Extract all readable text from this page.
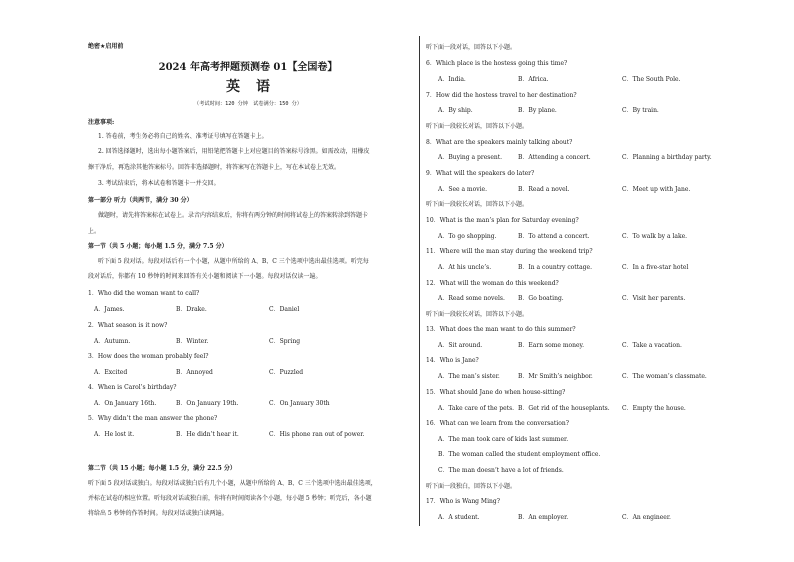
绝密★启用前
2024 年高考押题预测卷 01【全国卷】
英语
（考试时间：120 分钟　试卷满分：150 分）
注意事项:
1. 答卷前，考生务必将自己的姓名、准考证号填写在答题卡上。
2. 回答选择题时，选出每小题答案后，用铅笔把答题卡上对应题目的答案标号涂黑。如需改动，用橡皮
擦干净后，再选涂其他答案标号。回答非选择题时，将答案写在答题卡上，写在本试卷上无效。
3. 考试结束后，将本试卷和答题卡一并交回。
第一部分 听力（共两节，满分 30 分）
做题时，请先将答案标在试卷上。录音内容结束后，你将有两分钟的时间将试卷上的答案转涂到答题卡
上。
第一节（共 5 小题；每小题 1.5 分，满分 7.5 分）
听下面 5 段对话。每段对话后有一个小题，从题中所给的 A、B、C 三个选项中选出最佳选项。听完每
段对话后，你都有 10 秒钟的时间来回答有关小题和阅读下一小题。每段对话仅读一遍。
1．Who did the woman want to call?
A．James.	B．Drake.	C．Daniel
2．What season is it now?
A．Autumn.	B．Winter.	C．Spring
3．How does the woman probably feel?
A．Excited	B．Annoyed	C．Puzzled
4．When is Carol’s birthday?
A．On January 16th.	B．On January 19th.	C．On January 30th
5．Why didn’t the man answer the phone?
A．He lost it.	B．He didn’t hear it.	C．His phone ran out of power.
第二节（共 15 小题；每小题 1.5 分，满分 22.5 分）
听下面 5 段对话或独白。每段对话或独白后有几个小题，从题中所给的 A、B、C 三个选项中选出最佳选项，
并标在试卷的相应位置。听每段对话或独白前，你将有时间阅读各个小题，每小题 5 秒钟；听完后，各小题
将给出 5 秒钟的作答时间。每段对话或独白读两遍。
听下面一段对话，回答以下小题。
6．Which place is the hostess going this time?
A．India.	B．Africa.	C．The South Pole.
7．How did the hostess travel to her destination?
A．By ship.	B．By plane.	C．By train.
听下面一段较长对话，回答以下小题。
8．What are the speakers mainly talking about?
A．Buying a present.	B．Attending a concert.	C．Planning a birthday party.
9．What will the speakers do later?
A．See a movie.	B．Read a novel.	C．Meet up with Jane.
听下面一段较长对话，回答以下小题。
10．What is the man’s plan for Saturday evening?
A．To go shopping.	B．To attend a concert.	C．To walk by a lake.
11．Where will the man stay during the weekend trip?
A．At his uncle’s.	B．In a country cottage.	C．In a five-star hotel
12．What will the woman do this weekend?
A．Read some novels. B．Go boating.	C．Visit her parents.
听下面一段较长对话，回答以下小题。
13．What does the man want to do this summer?
A．Sit around.	B．Earn some money.	C．Take a vacation.
14．Who is Jane?
A．The man’s sister.	B．Mr Smith’s neighbor.	C．The woman’s classmate.
15．What should Jane do when house-sitting?
A．Take care of the pets. B．Get rid of the houseplants. C．Empty the house.
16．What can we learn from the conversation?
A．The man took care of kids last summer.
B．The woman called the student employment office.
C．The man doesn’t have a lot of friends.
听下面一段独白，回答以下小题。
17．Who is Wang Ming?
A．A student.	B．An employer.	C．An engineer.
